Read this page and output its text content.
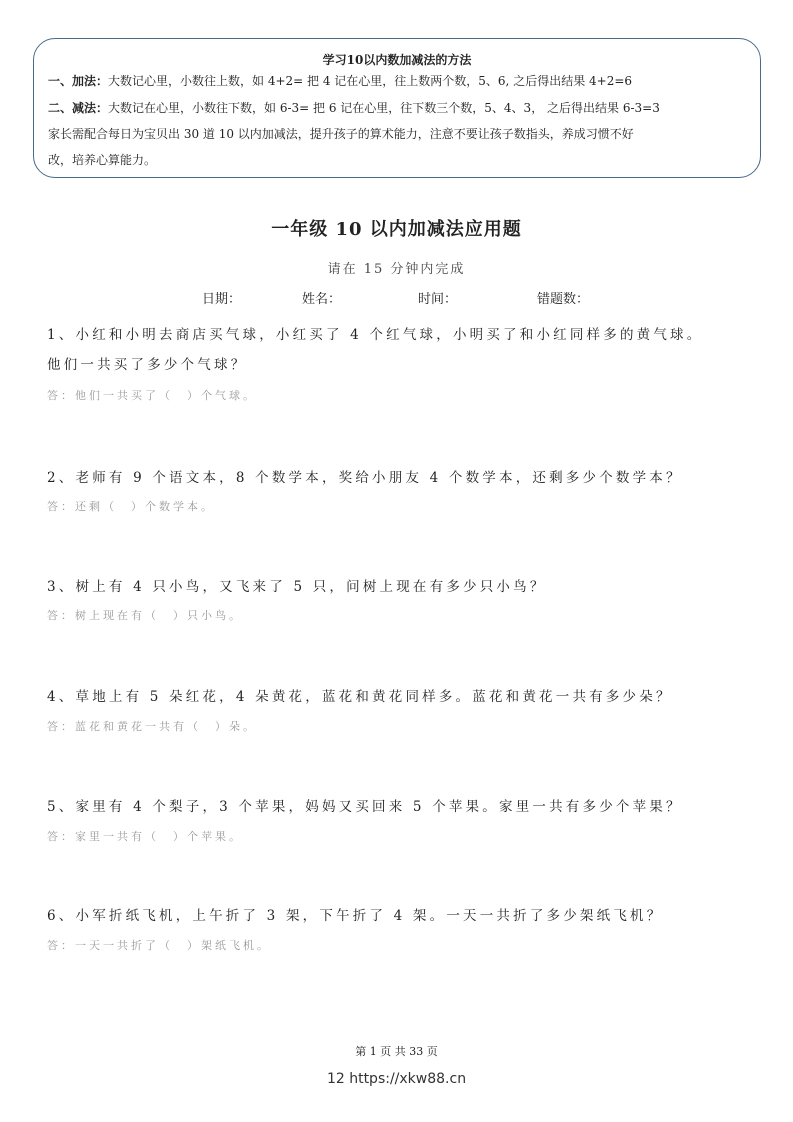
学习10以内数加减法的方法
一、加法：大数记心里，小数往上数，如 4+2= 把 4 记在心里，往上数两个数，5、6, 之后得出结果 4+2=6
二、减法：大数记在心里，小数往下数，如 6-3= 把 6 记在心里，往下数三个数，5、4、3， 之后得出结果 6-3=3
家长需配合每日为宝贝出 30 道 10 以内加减法，提升孩子的算术能力，注意不要让孩子数指头，养成习惯不好
改，培养心算能力。
一年级 10 以内加减法应用题
请在 15 分钟内完成
日期：	姓名：	时间：	错题数：
1、小红和小明去商店买气球，小红买了 4 个红气球，小明买了和小红同样多的黄气球。
他们一共买了多少个气球？
答：他们一共买了（　）个气球。
2、老师有 9 个语文本，8 个数学本，奖给小朋友 4 个数学本，还剩多少个数学本？
答：还剩（　）个数学本。
3、树上有 4 只小鸟，又飞来了 5 只，问树上现在有多少只小鸟？
答：树上现在有（　）只小鸟。
4、草地上有 5 朵红花，4 朵黄花，蓝花和黄花同样多。蓝花和黄花一共有多少朵？
答：蓝花和黄花一共有（　）朵。
5、家里有 4 个梨子，3 个苹果，妈妈又买回来 5 个苹果。家里一共有多少个苹果？
答：家里一共有（　）个苹果。
6、小军折纸飞机，上午折了 3 架，下午折了 4 架。一天一共折了多少架纸飞机？
答：一天一共折了（　）架纸飞机。
第 1 页 共 33 页
12 https://xkw88.cn
